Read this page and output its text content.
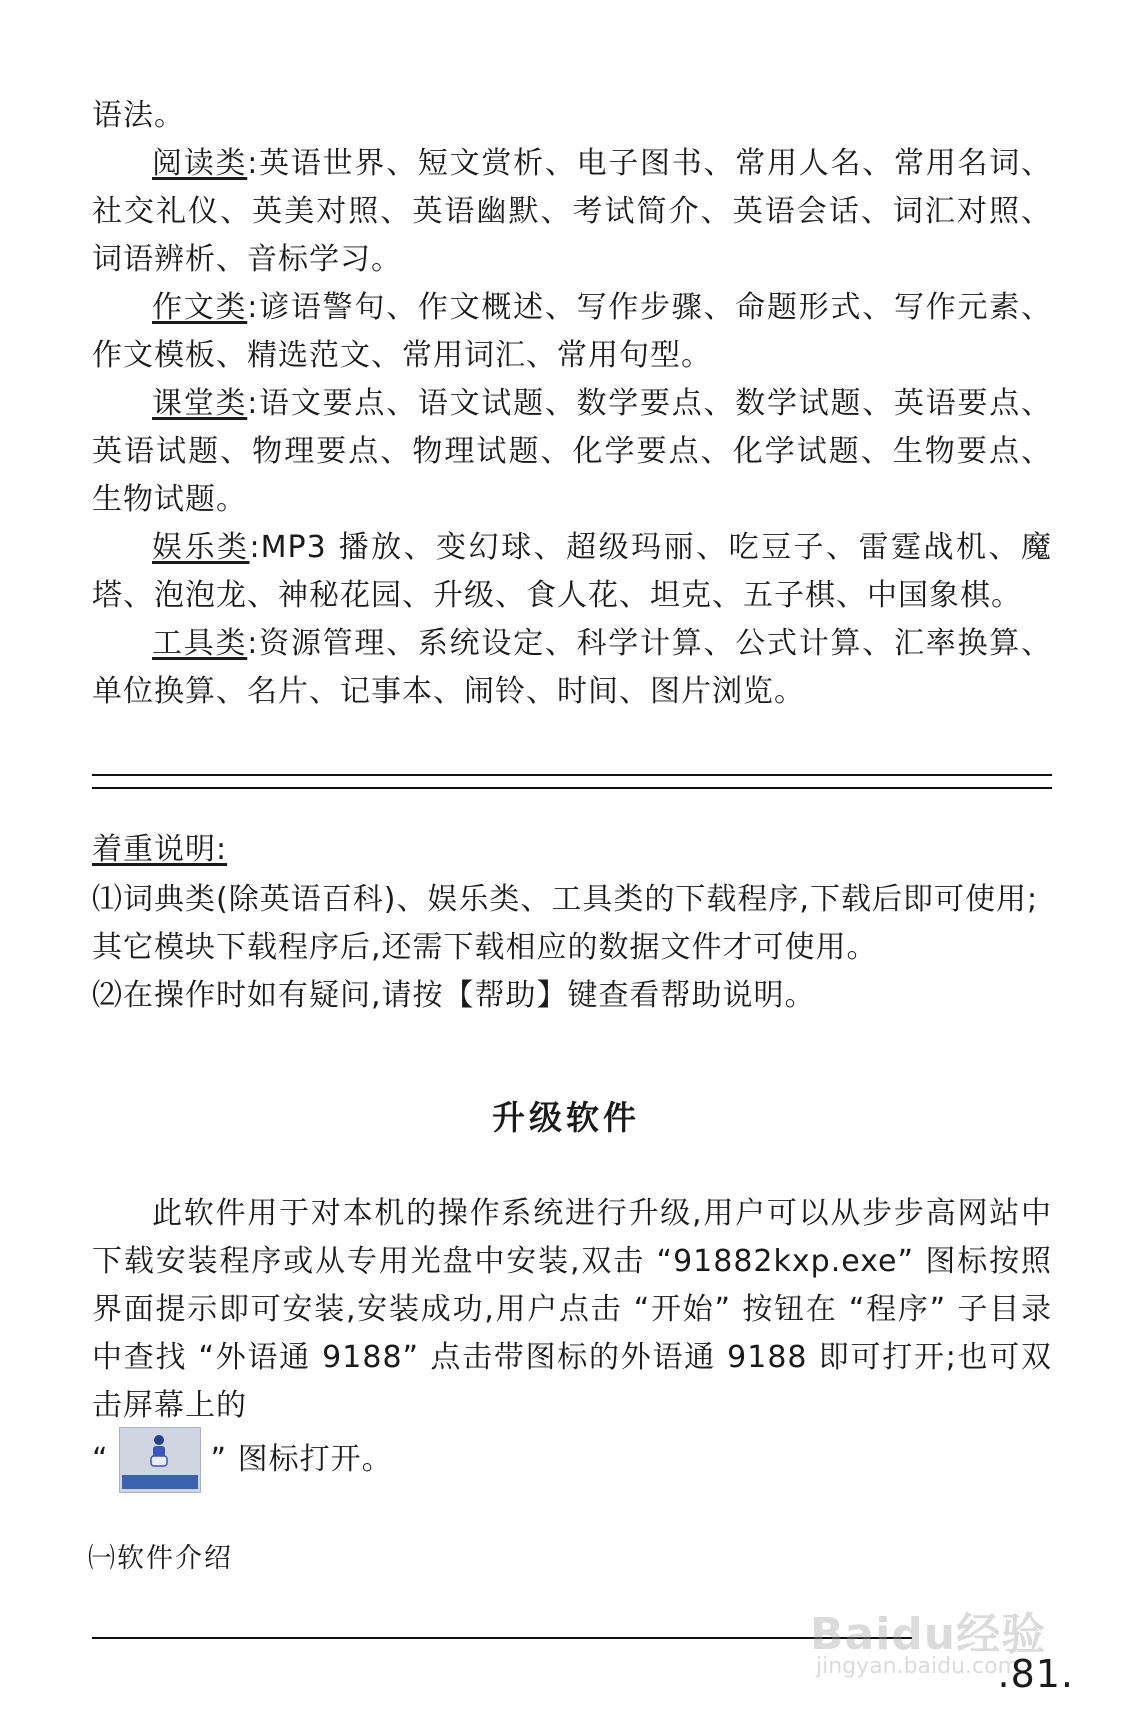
语法。

阅读类:英语世界、短文赏析、电子图书、常用人名、常用名词、社交礼仪、英美对照、英语幽默、考试简介、英语会话、词汇对照、词语辨析、音标学习。

作文类:谚语警句、作文概述、写作步骤、命题形式、写作元素、作文模板、精选范文、常用词汇、常用句型。

课堂类:语文要点、语文试题、数学要点、数学试题、英语要点、英语试题、物理要点、物理试题、化学要点、化学试题、生物要点、生物试题。

娱乐类:MP3 播放、变幻球、超级玛丽、吃豆子、雷霆战机、魔塔、泡泡龙、神秘花园、升级、食人花、坦克、五子棋、中国象棋。

工具类:资源管理、系统设定、科学计算、公式计算、汇率换算、单位换算、名片、记事本、闹铃、时间、图片浏览。

着重说明:

⑴词典类(除英语百科)、娱乐类、工具类的下载程序,下载后即可使用;其它模块下载程序后,还需下载相应的数据文件才可使用。

⑵在操作时如有疑问,请按【帮助】键查看帮助说明。

升级软件

此软件用于对本机的操作系统进行升级,用户可以从步步高网站中下载安装程序或从专用光盘中安装,双击 “91882kxp.exe” 图标按照界面提示即可安装,安装成功,用户点击 “开始” 按钮在 “程序” 子目录中查找 “外语通 9188” 点击带图标的外语通 9188 即可打开;也可双击屏幕上的

“	” 图标打开。
㈠软件介绍
Baidu经验
jingyan.baidu.com
.81.
